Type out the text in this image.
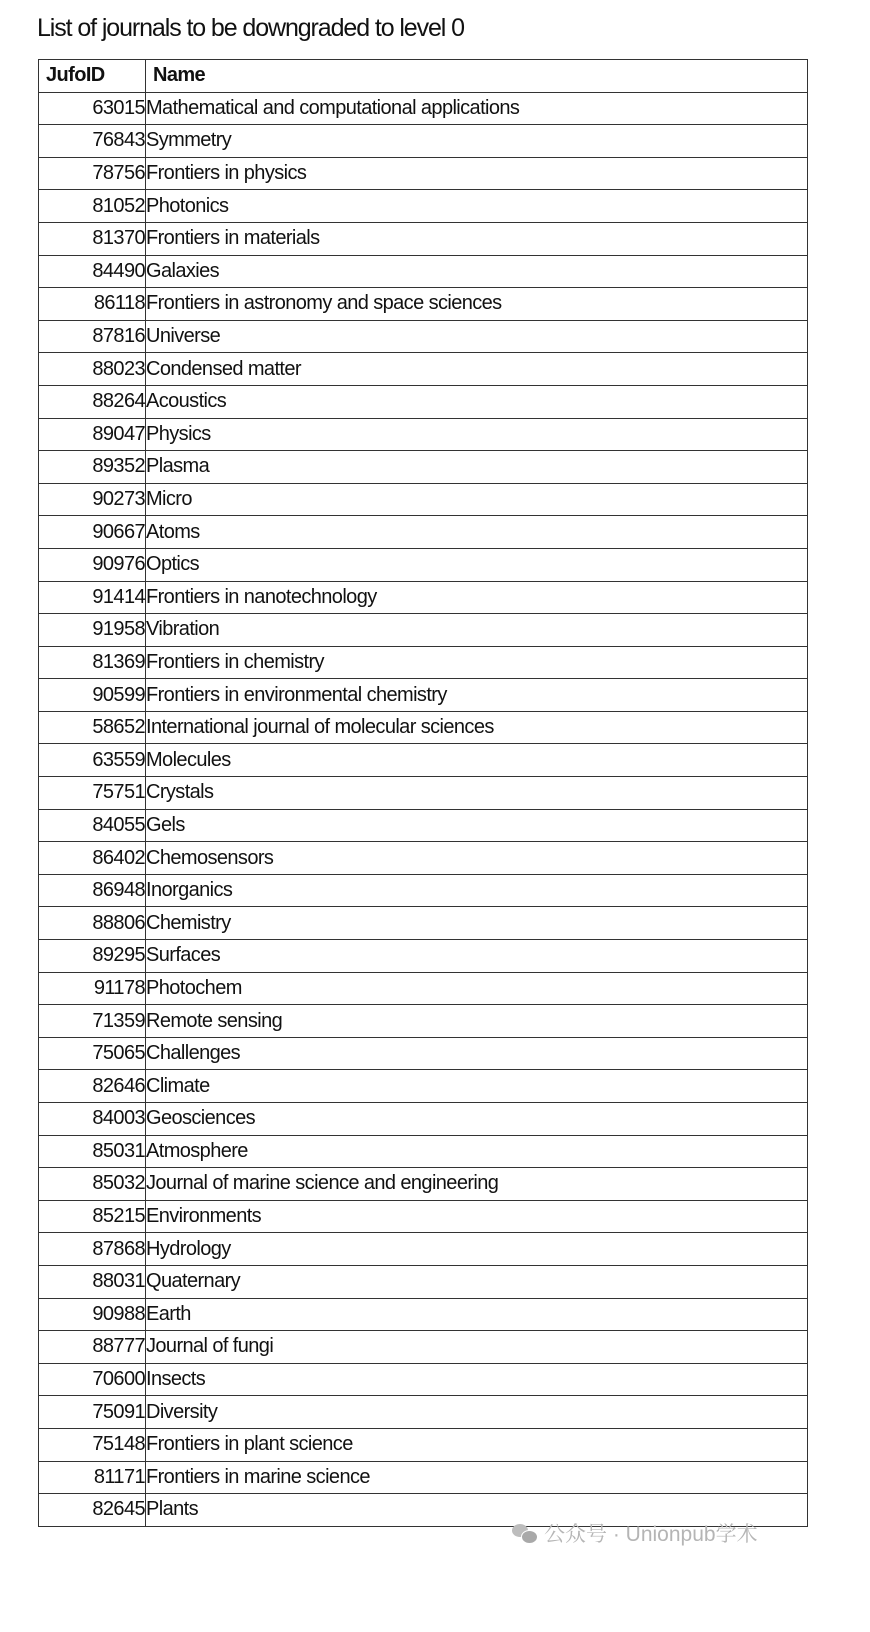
List of journals to be downgraded to level 0
JufoID	Name
63015	Mathematical and computational applications
76843	Symmetry
78756	Frontiers in physics
81052	Photonics
81370	Frontiers in materials
84490	Galaxies
86118	Frontiers in astronomy and space sciences
87816	Universe
88023	Condensed matter
88264	Acoustics
89047	Physics
89352	Plasma
90273	Micro
90667	Atoms
90976	Optics
91414	Frontiers in nanotechnology
91958	Vibration
81369	Frontiers in chemistry
90599	Frontiers in environmental chemistry
58652	International journal of molecular sciences
63559	Molecules
75751	Crystals
84055	Gels
86402	Chemosensors
86948	Inorganics
88806	Chemistry
89295	Surfaces
91178	Photochem
71359	Remote sensing
75065	Challenges
82646	Climate
84003	Geosciences
85031	Atmosphere
85032	Journal of marine science and engineering
85215	Environments
87868	Hydrology
88031	Quaternary
90988	Earth
88777	Journal of fungi
70600	Insects
75091	Diversity
75148	Frontiers in plant science
81171	Frontiers in marine science
82645	Plants
公众号 · Unionpub学术
